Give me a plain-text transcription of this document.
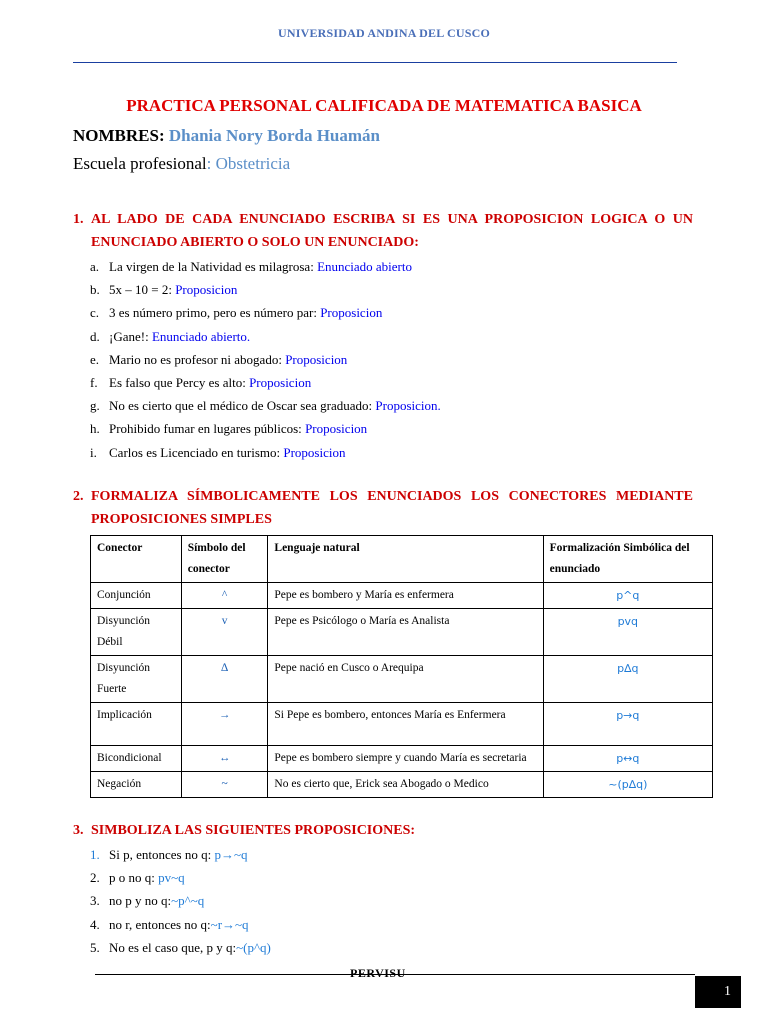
UNIVERSIDAD ANDINA DEL CUSCO
PRACTICA PERSONAL CALIFICADA DE MATEMATICA BASICA
NOMBRES: Dhania Nory Borda Huamán
Escuela profesional: Obstetricia
1. AL LADO DE CADA ENUNCIADO ESCRIBA SI ES UNA PROPOSICION LOGICA O UN ENUNCIADO ABIERTO O SOLO UN ENUNCIADO:
a. La virgen de la Natividad es milagrosa: Enunciado abierto
b. 5x – 10 = 2: Proposicion
c. 3 es número primo, pero es número par: Proposicion
d. ¡Gane!: Enunciado abierto.
e. Mario no es profesor ni abogado: Proposicion
f. Es falso que Percy es alto: Proposicion
g. No es cierto que el médico de Oscar sea graduado: Proposicion.
h. Prohibido fumar en lugares públicos: Proposicion
i. Carlos es Licenciado en turismo: Proposicion
2. FORMALIZA SÍMBOLICAMENTE LOS ENUNCIADOS LOS CONECTORES MEDIANTE PROPOSICIONES SIMPLES
Conector	Símbolo del conector	Lenguaje natural	Formalización Simbólica del enunciado
Conjunción	^	Pepe es bombero y María es enfermera	p^q
Disyunción Débil	v	Pepe es Psicólogo o María es Analista	pvq
Disyunción Fuerte	∆	Pepe nació en Cusco o Arequipa	p∆q
Implicación	→	Si Pepe es bombero, entonces María es Enfermera	p→q
Bicondicional	↔	Pepe es bombero siempre y cuando María es secretaria	p↔q
Negación	~	No es cierto que, Erick sea Abogado o Medico	~(p∆q)
3. SIMBOLIZA LAS SIGUIENTES PROPOSICIONES:
1. Si p, entonces no q: p→~q
2. p o no q: pv~q
3. no p y no q:~p^~q
4. no r, entonces no q:~r→~q
5. No es el caso que, p y q:~(p^q)
PERVISU
1
